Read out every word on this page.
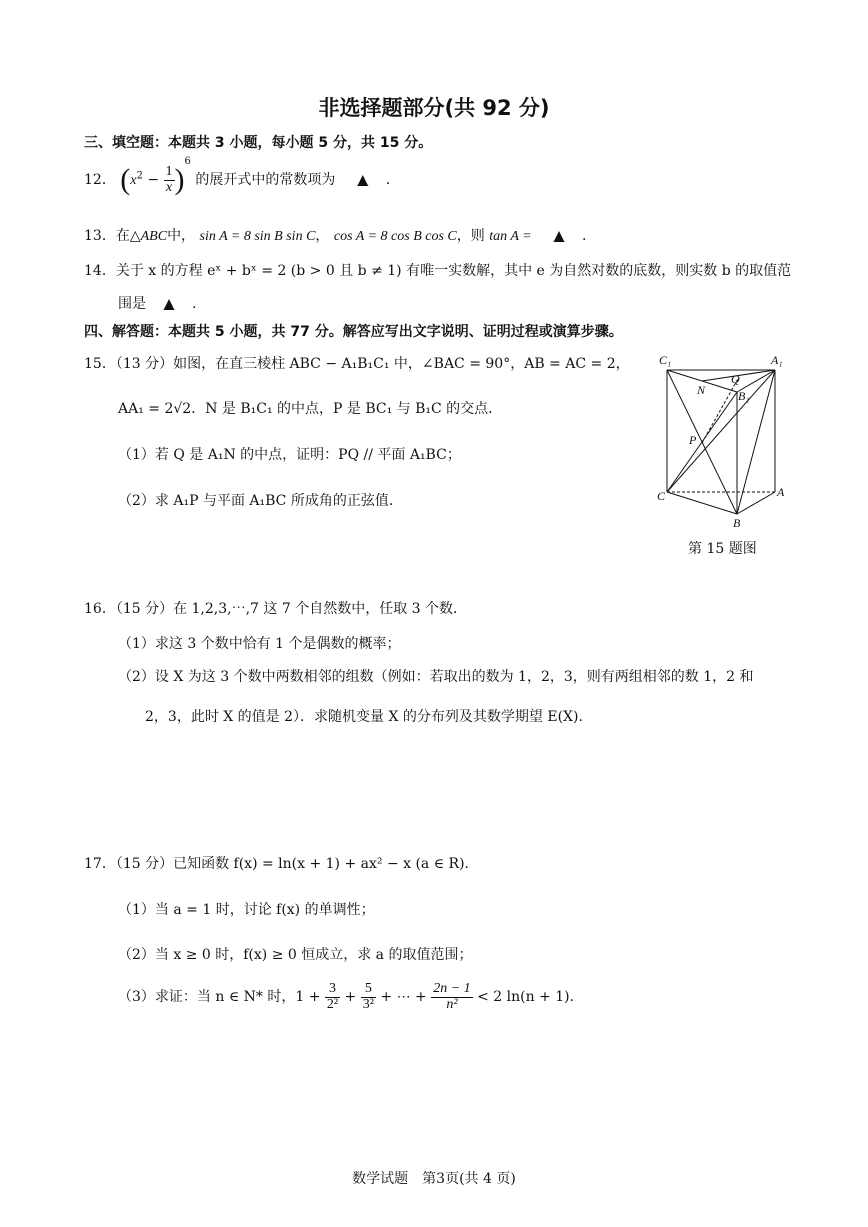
非选择题部分(共 92 分)
三、填空题：本题共 3 小题，每小题 5 分，共 15 分。
12． $(x^2 - \frac{1}{x} )^6$ 的展开式中的常数项为 ▲ .
13．在△ABC中， sin A = 8 sin B sin C， cos A = 8 cos B cos C，则 tan A = ▲ .
14．关于 x 的方程 eˣ + bˣ = 2 (b > 0 且 b ≠ 1) 有唯一实数解，其中 e 为自然对数的底数，则实数 b 的取值范
围是 ▲ .
四、解答题：本题共 5 小题，共 77 分。解答应写出文字说明、证明过程或演算步骤。
15．（13 分）如图，在直三棱柱 ABC − A₁B₁C₁ 中，∠BAC = 90°，AB = AC = 2，
AA₁ = 2√2．N 是 B₁C₁ 的中点，P 是 BC₁ 与 B₁C 的交点．
（1）若 Q 是 A₁N 的中点，证明：PQ // 平面 A₁BC；
（2）求 A₁P 与平面 A₁BC 所成角的正弦值．
C₁	A₁
Q
N	B₁
P
C	A
B
第 15 题图
16．（15 分）在 1,2,3,⋯,7 这 7 个自然数中，任取 3 个数．
（1）求这 3 个数中恰有 1 个是偶数的概率；
（2）设 X 为这 3 个数中两数相邻的组数（例如：若取出的数为 1，2，3，则有两组相邻的数 1，2 和
2，3，此时 X 的值是 2）．求随机变量 X 的分布列及其数学期望 E(X)．
17．（15 分）已知函数 f(x) = ln(x + 1) + ax² − x (a ∈ R)．
（1）当 a = 1 时，讨论 f(x) 的单调性；
（2）当 x ≥ 0 时，f(x) ≥ 0 恒成立，求 a 的取值范围；
（3）求证：当 n ∈ N* 时，$1 + \frac{3}{\text{2²}} + \frac{5}{\text{3²}}$ + ⋯ + $\frac{2n - 1}{\text{n²}} < 2$ ln(n + 1)．
数学试题　第3页(共 4 页)
